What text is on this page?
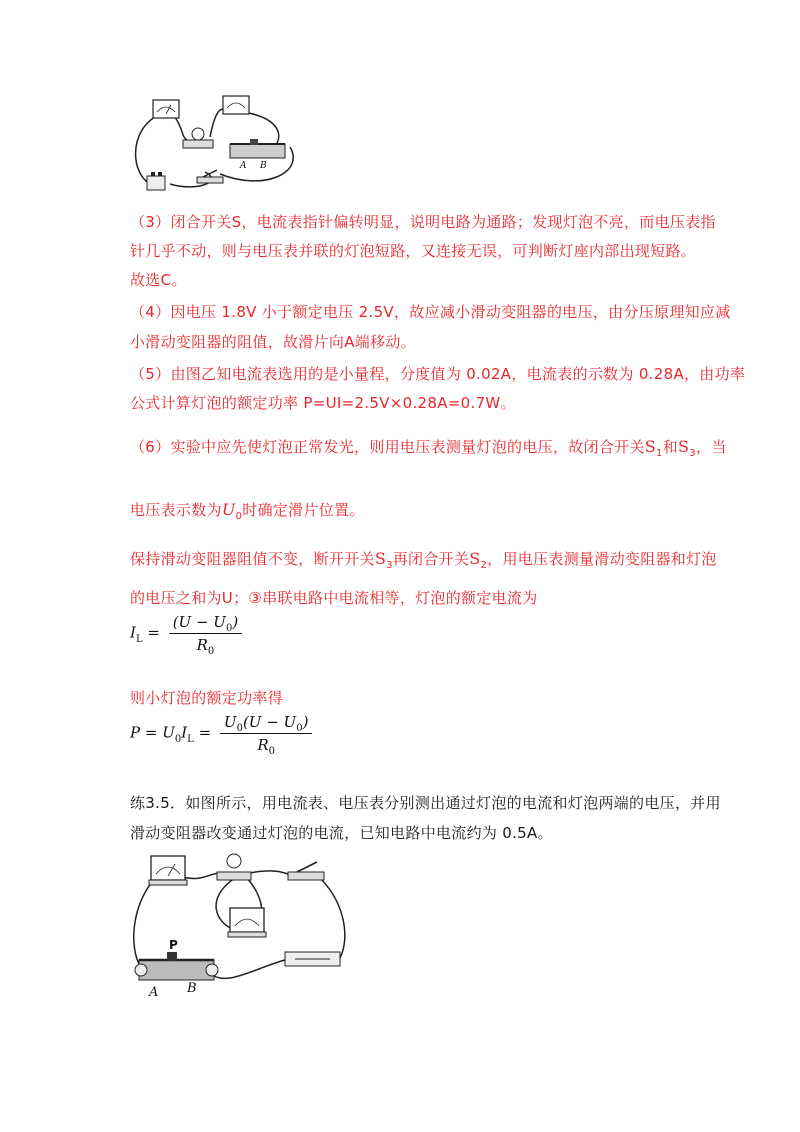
A B
（3）闭合开关S，电流表指针偏转明显，说明电路为通路；发现灯泡不亮，而电压表指
针几乎不动，则与电压表并联的灯泡短路，又连接无误，可判断灯座内部出现短路。
故选C。
（4）因电压 1.8V 小于额定电压 2.5V，故应减小滑动变阻器的电压，由分压原理知应减
小滑动变阻器的阻值，故滑片向A端移动。
（5）由图乙知电流表选用的是小量程，分度值为 0.02A，电流表的示数为 0.28A，由功率
公式计算灯泡的额定功率 P=UI=2.5V×0.28A=0.7W。
（6）实验中应先使灯泡正常发光，则用电压表测量灯泡的电压，故闭合开关$S_1$和$S_3$，当
电压表示数为$U_0$时确定滑片位置。
保持滑动变阻器阻值不变，断开开关$S_3$再闭合开关$S_2$，用电压表测量滑动变阻器和灯泡
的电压之和为U；③串联电路中电流相等，灯泡的额定电流为
$I_L = \frac{(U - U_0)}{R_0}$
则小灯泡的额定功率得
$P = U_0I_L = \frac{U_0(U - U_0)}{R_0}$
练3.5．如图所示，用电流表、电压表分别测出通过灯泡的电流和灯泡两端的电压，并用
滑动变阻器改变通过灯泡的电流，已知电路中电流约为 0.5A。
P
A B
